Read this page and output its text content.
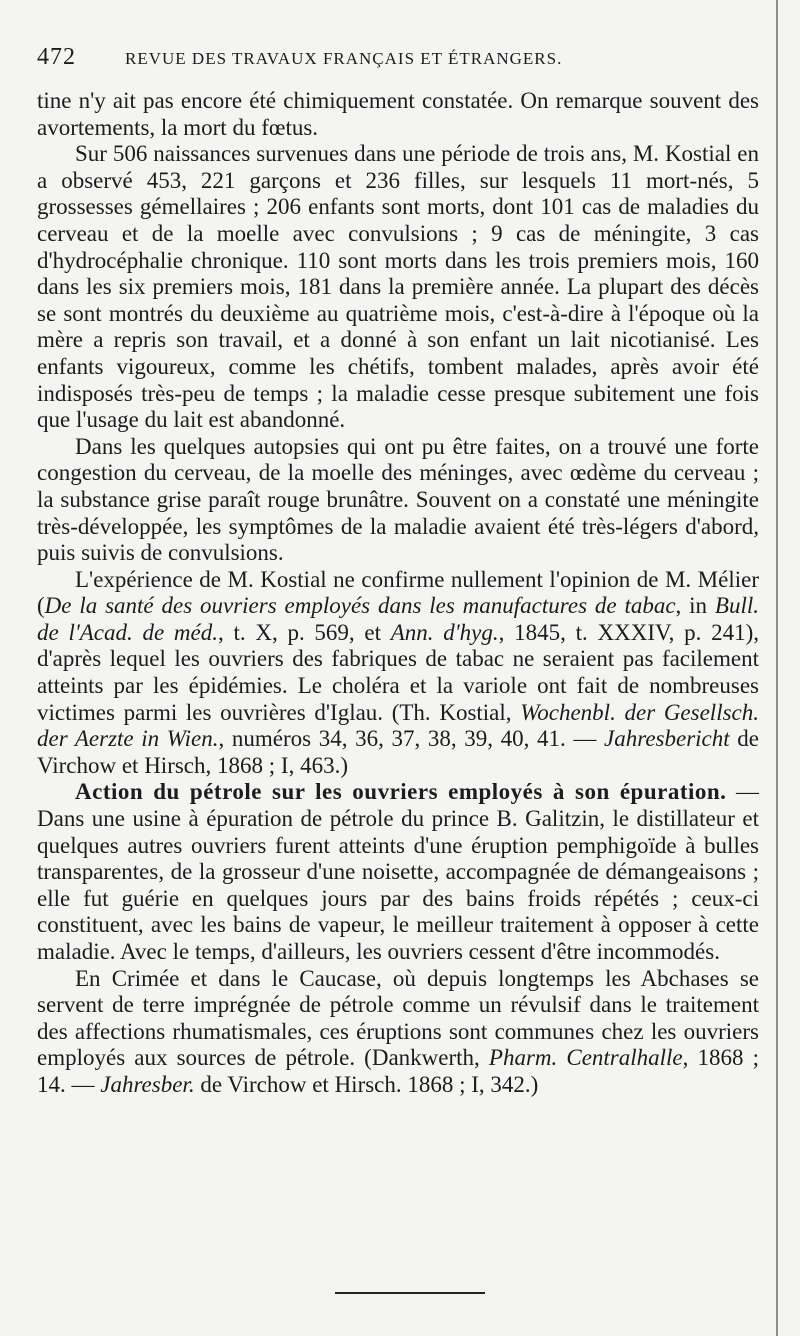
472	REVUE DES TRAVAUX FRANÇAIS ET ÉTRANGERS.

tine n'y ait pas encore été chimiquement constatée. On remarque souvent des avortements, la mort du fœtus.

Sur 506 naissances survenues dans une période de trois ans, M. Kostial en a observé 453, 221 garçons et 236 filles, sur lesquels 11 mort-nés, 5 grossesses gémellaires ; 206 enfants sont morts, dont 101 cas de maladies du cerveau et de la moelle avec convulsions ; 9 cas de méningite, 3 cas d'hydrocéphalie chronique. 110 sont morts dans les trois premiers mois, 160 dans les six premiers mois, 181 dans la première année. La plupart des décès se sont montrés du deuxième au quatrième mois, c'est-à-dire à l'époque où la mère a repris son travail, et a donné à son enfant un lait nicotianisé. Les enfants vigoureux, comme les chétifs, tombent malades, après avoir été indisposés très-peu de temps ; la maladie cesse presque subitement une fois que l'usage du lait est abandonné.

Dans les quelques autopsies qui ont pu être faites, on a trouvé une forte congestion du cerveau, de la moelle des méninges, avec œdème du cerveau ; la substance grise paraît rouge brunâtre. Souvent on a constaté une méningite très-développée, les symptômes de la maladie avaient été très-légers d'abord, puis suivis de convulsions.

L'expérience de M. Kostial ne confirme nullement l'opinion de M. Mélier (De la santé des ouvriers employés dans les manufactures de tabac, in Bull. de l'Acad. de méd., t. X, p. 569, et Ann. d'hyg., 1845, t. XXXIV, p. 241), d'après lequel les ouvriers des fabriques de tabac ne seraient pas facilement atteints par les épidémies. Le choléra et la variole ont fait de nombreuses victimes parmi les ouvrières d'Iglau. (Th. Kostial, Wochenbl. der Gesellsch. der Aerzte in Wien., numéros 34, 36, 37, 38, 39, 40, 41. — Jahresbericht de Virchow et Hirsch, 1868 ; I, 463.)

Action du pétrole sur les ouvriers employés à son épuration. — Dans une usine à épuration de pétrole du prince B. Galitzin, le distillateur et quelques autres ouvriers furent atteints d'une éruption pemphigoïde à bulles transparentes, de la grosseur d'une noisette, accompagnée de démangeaisons ; elle fut guérie en quelques jours par des bains froids répétés ; ceux-ci constituent, avec les bains de vapeur, le meilleur traitement à opposer à cette maladie. Avec le temps, d'ailleurs, les ouvriers cessent d'être incommodés.

En Crimée et dans le Caucase, où depuis longtemps les Abchases se servent de terre imprégnée de pétrole comme un révulsif dans le traitement des affections rhumatismales, ces éruptions sont communes chez les ouvriers employés aux sources de pétrole. (Dankwerth, Pharm. Centralhalle, 1868 ; 14. — Jahresber. de Virchow et Hirsch. 1868 ; I, 342.)
